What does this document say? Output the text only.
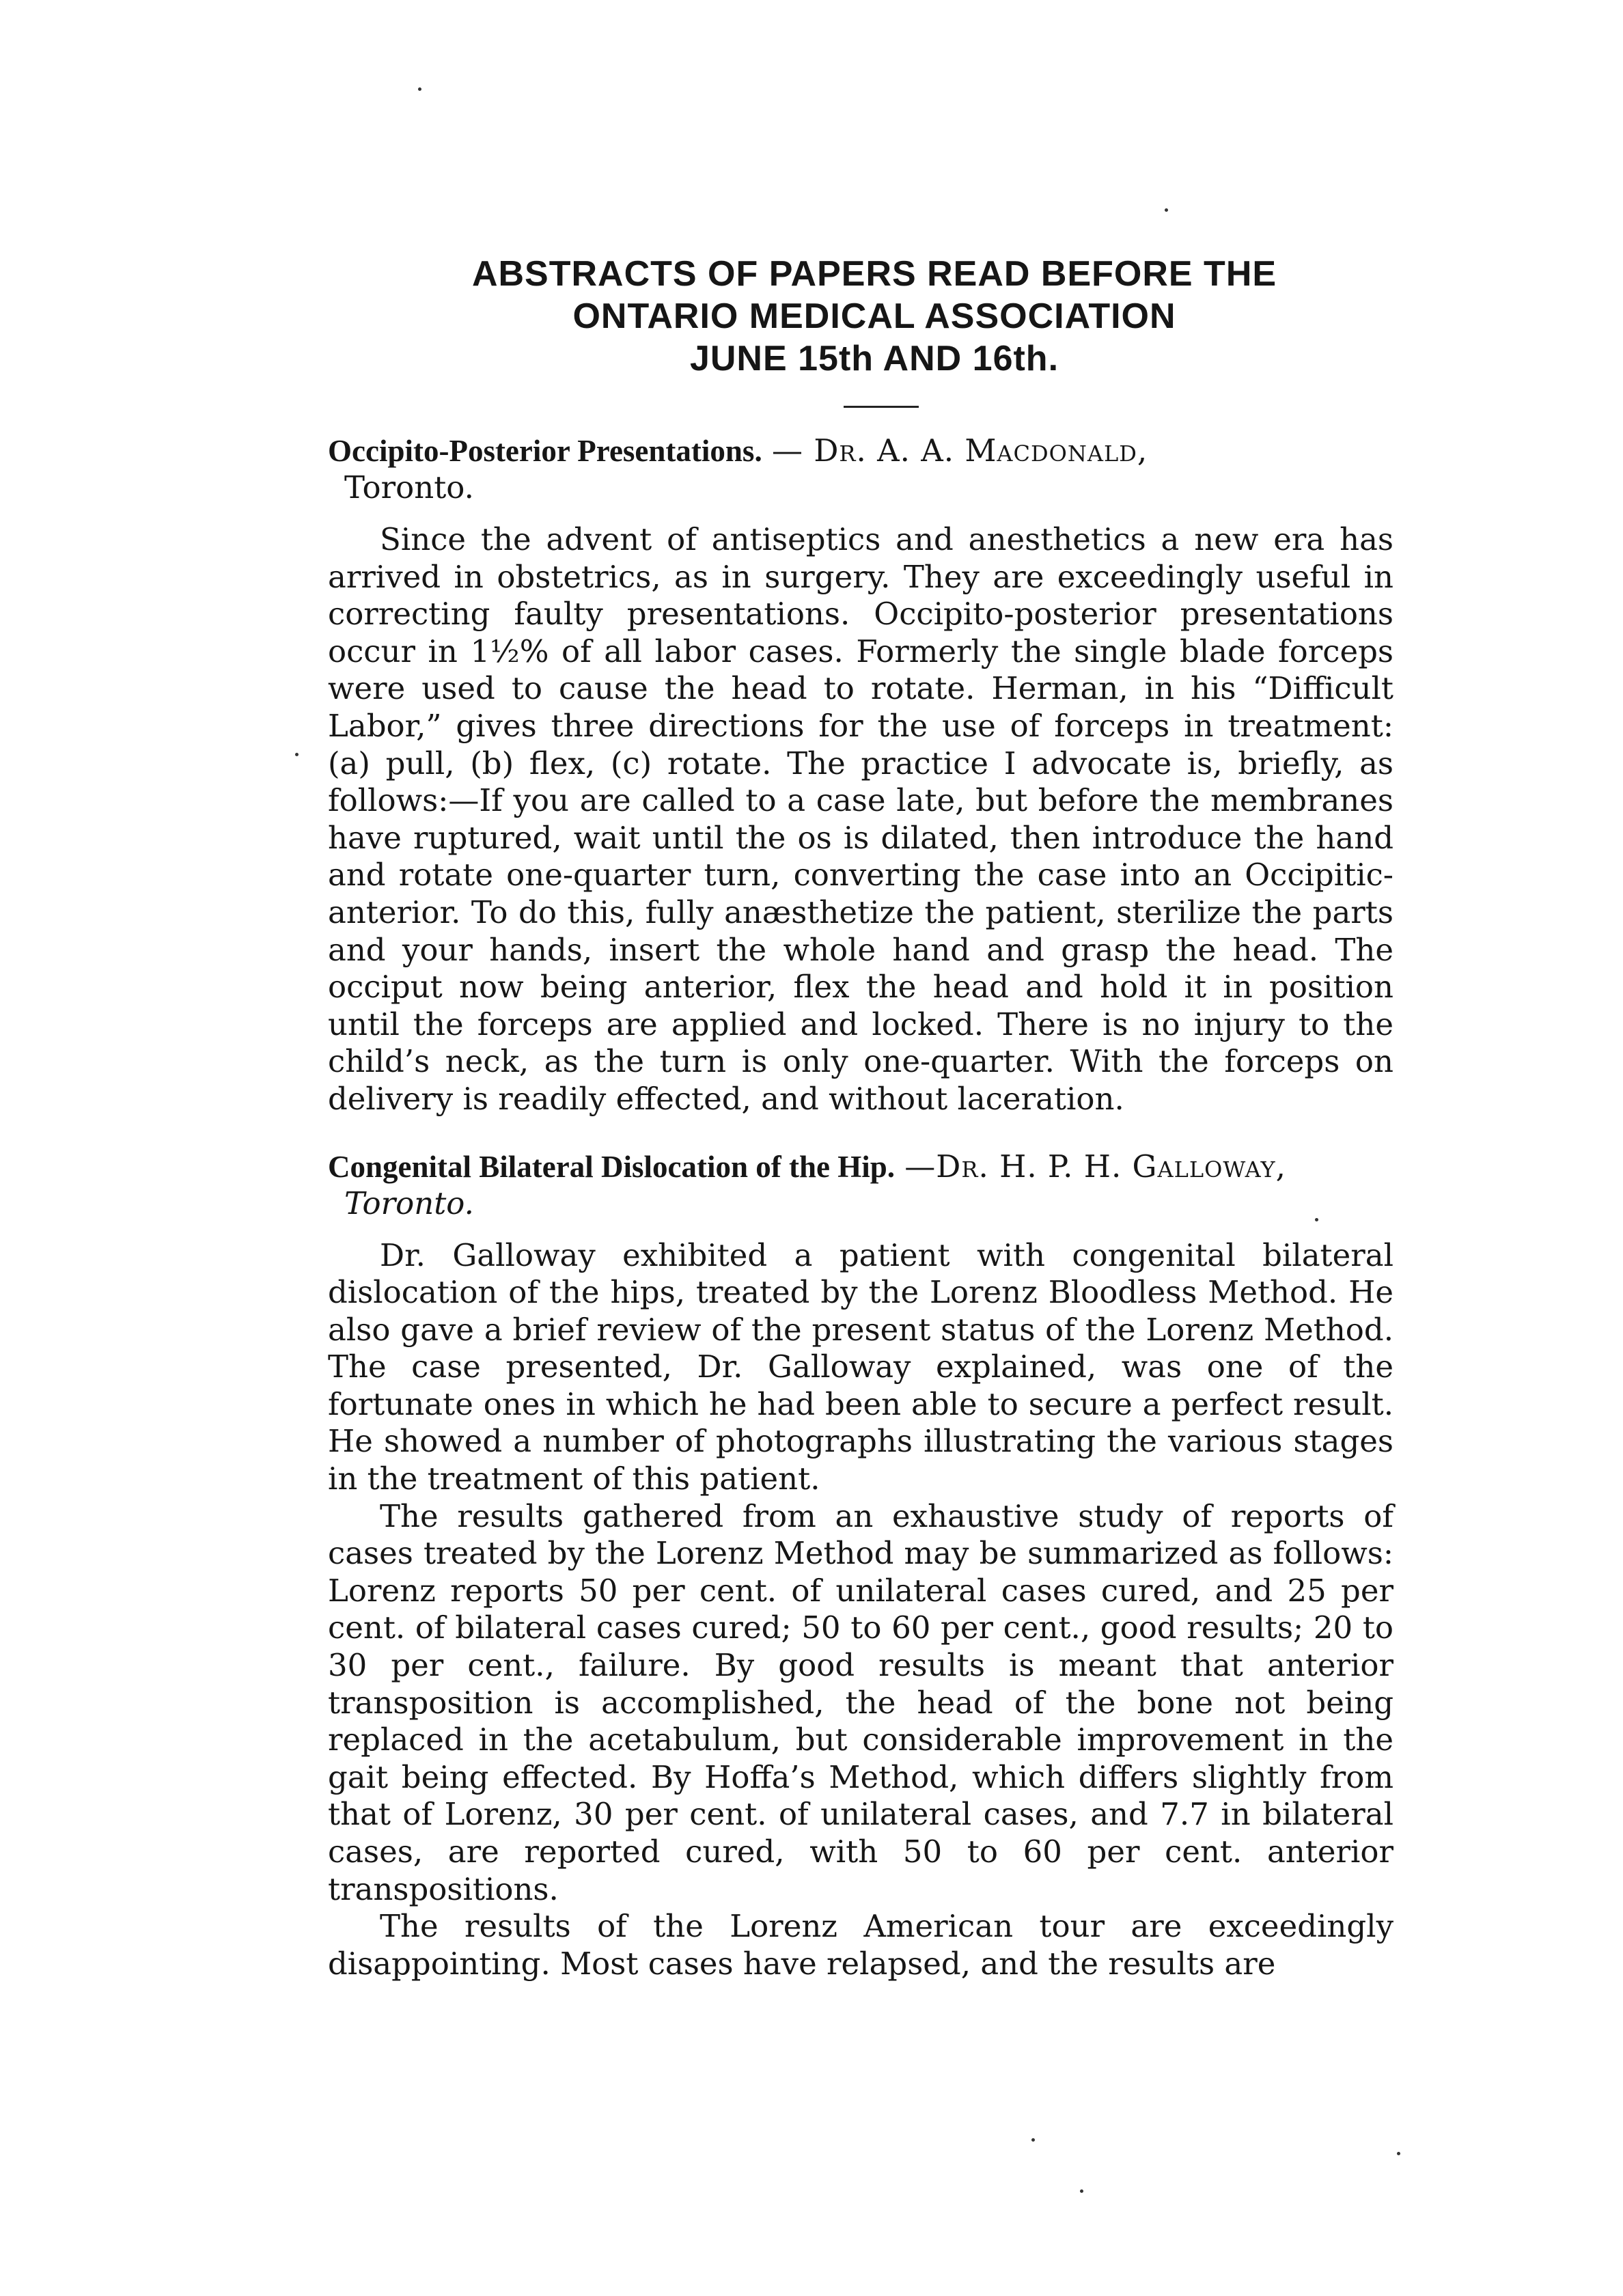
ABSTRACTS OF PAPERS READ BEFORE THE
ONTARIO MEDICAL ASSOCIATION
JUNE 15th AND 16th.

Occipito-Posterior Presentations. — Dr. A. A. Macdonald,
Toronto.

Since the advent of antiseptics and anesthetics a new era has arrived in obstetrics, as in surgery. They are exceedingly useful in correcting faulty presentations. Occipito-posterior presentations occur in 1½% of all labor cases. Formerly the single blade forceps were used to cause the head to rotate. Herman, in his “Difficult Labor,” gives three directions for the use of forceps in treatment: (a) pull, (b) flex, (c) rotate. The practice I advocate is, briefly, as follows:—If you are called to a case late, but before the membranes have ruptured, wait until the os is dilated, then introduce the hand and rotate one-quarter turn, converting the case into an Occipitic-anterior. To do this, fully anæsthetize the patient, sterilize the parts and your hands, insert the whole hand and grasp the head. The occiput now being anterior, flex the head and hold it in position until the forceps are applied and locked. There is no injury to the child’s neck, as the turn is only one-quarter. With the forceps on delivery is readily effected, and without laceration.

Congenital Bilateral Dislocation of the Hip. —Dr. H. P. H. Galloway,
Toronto.

Dr. Galloway exhibited a patient with congenital bilateral dislocation of the hips, treated by the Lorenz Bloodless Method. He also gave a brief review of the present status of the Lorenz Method. The case presented, Dr. Galloway explained, was one of the fortunate ones in which he had been able to secure a perfect result. He showed a number of photographs illustrating the various stages in the treatment of this patient.

The results gathered from an exhaustive study of reports of cases treated by the Lorenz Method may be summarized as follows: Lorenz reports 50 per cent. of unilateral cases cured, and 25 per cent. of bilateral cases cured; 50 to 60 per cent., good results; 20 to 30 per cent., failure. By good results is meant that anterior transposition is accomplished, the head of the bone not being replaced in the acetabulum, but considerable improvement in the gait being effected. By Hoffa’s Method, which differs slightly from that of Lorenz, 30 per cent. of unilateral cases, and 7.7 in bilateral cases, are reported cured, with 50 to 60 per cent. anterior transpositions.

The results of the Lorenz American tour are exceedingly disappointing. Most cases have relapsed, and the results are
